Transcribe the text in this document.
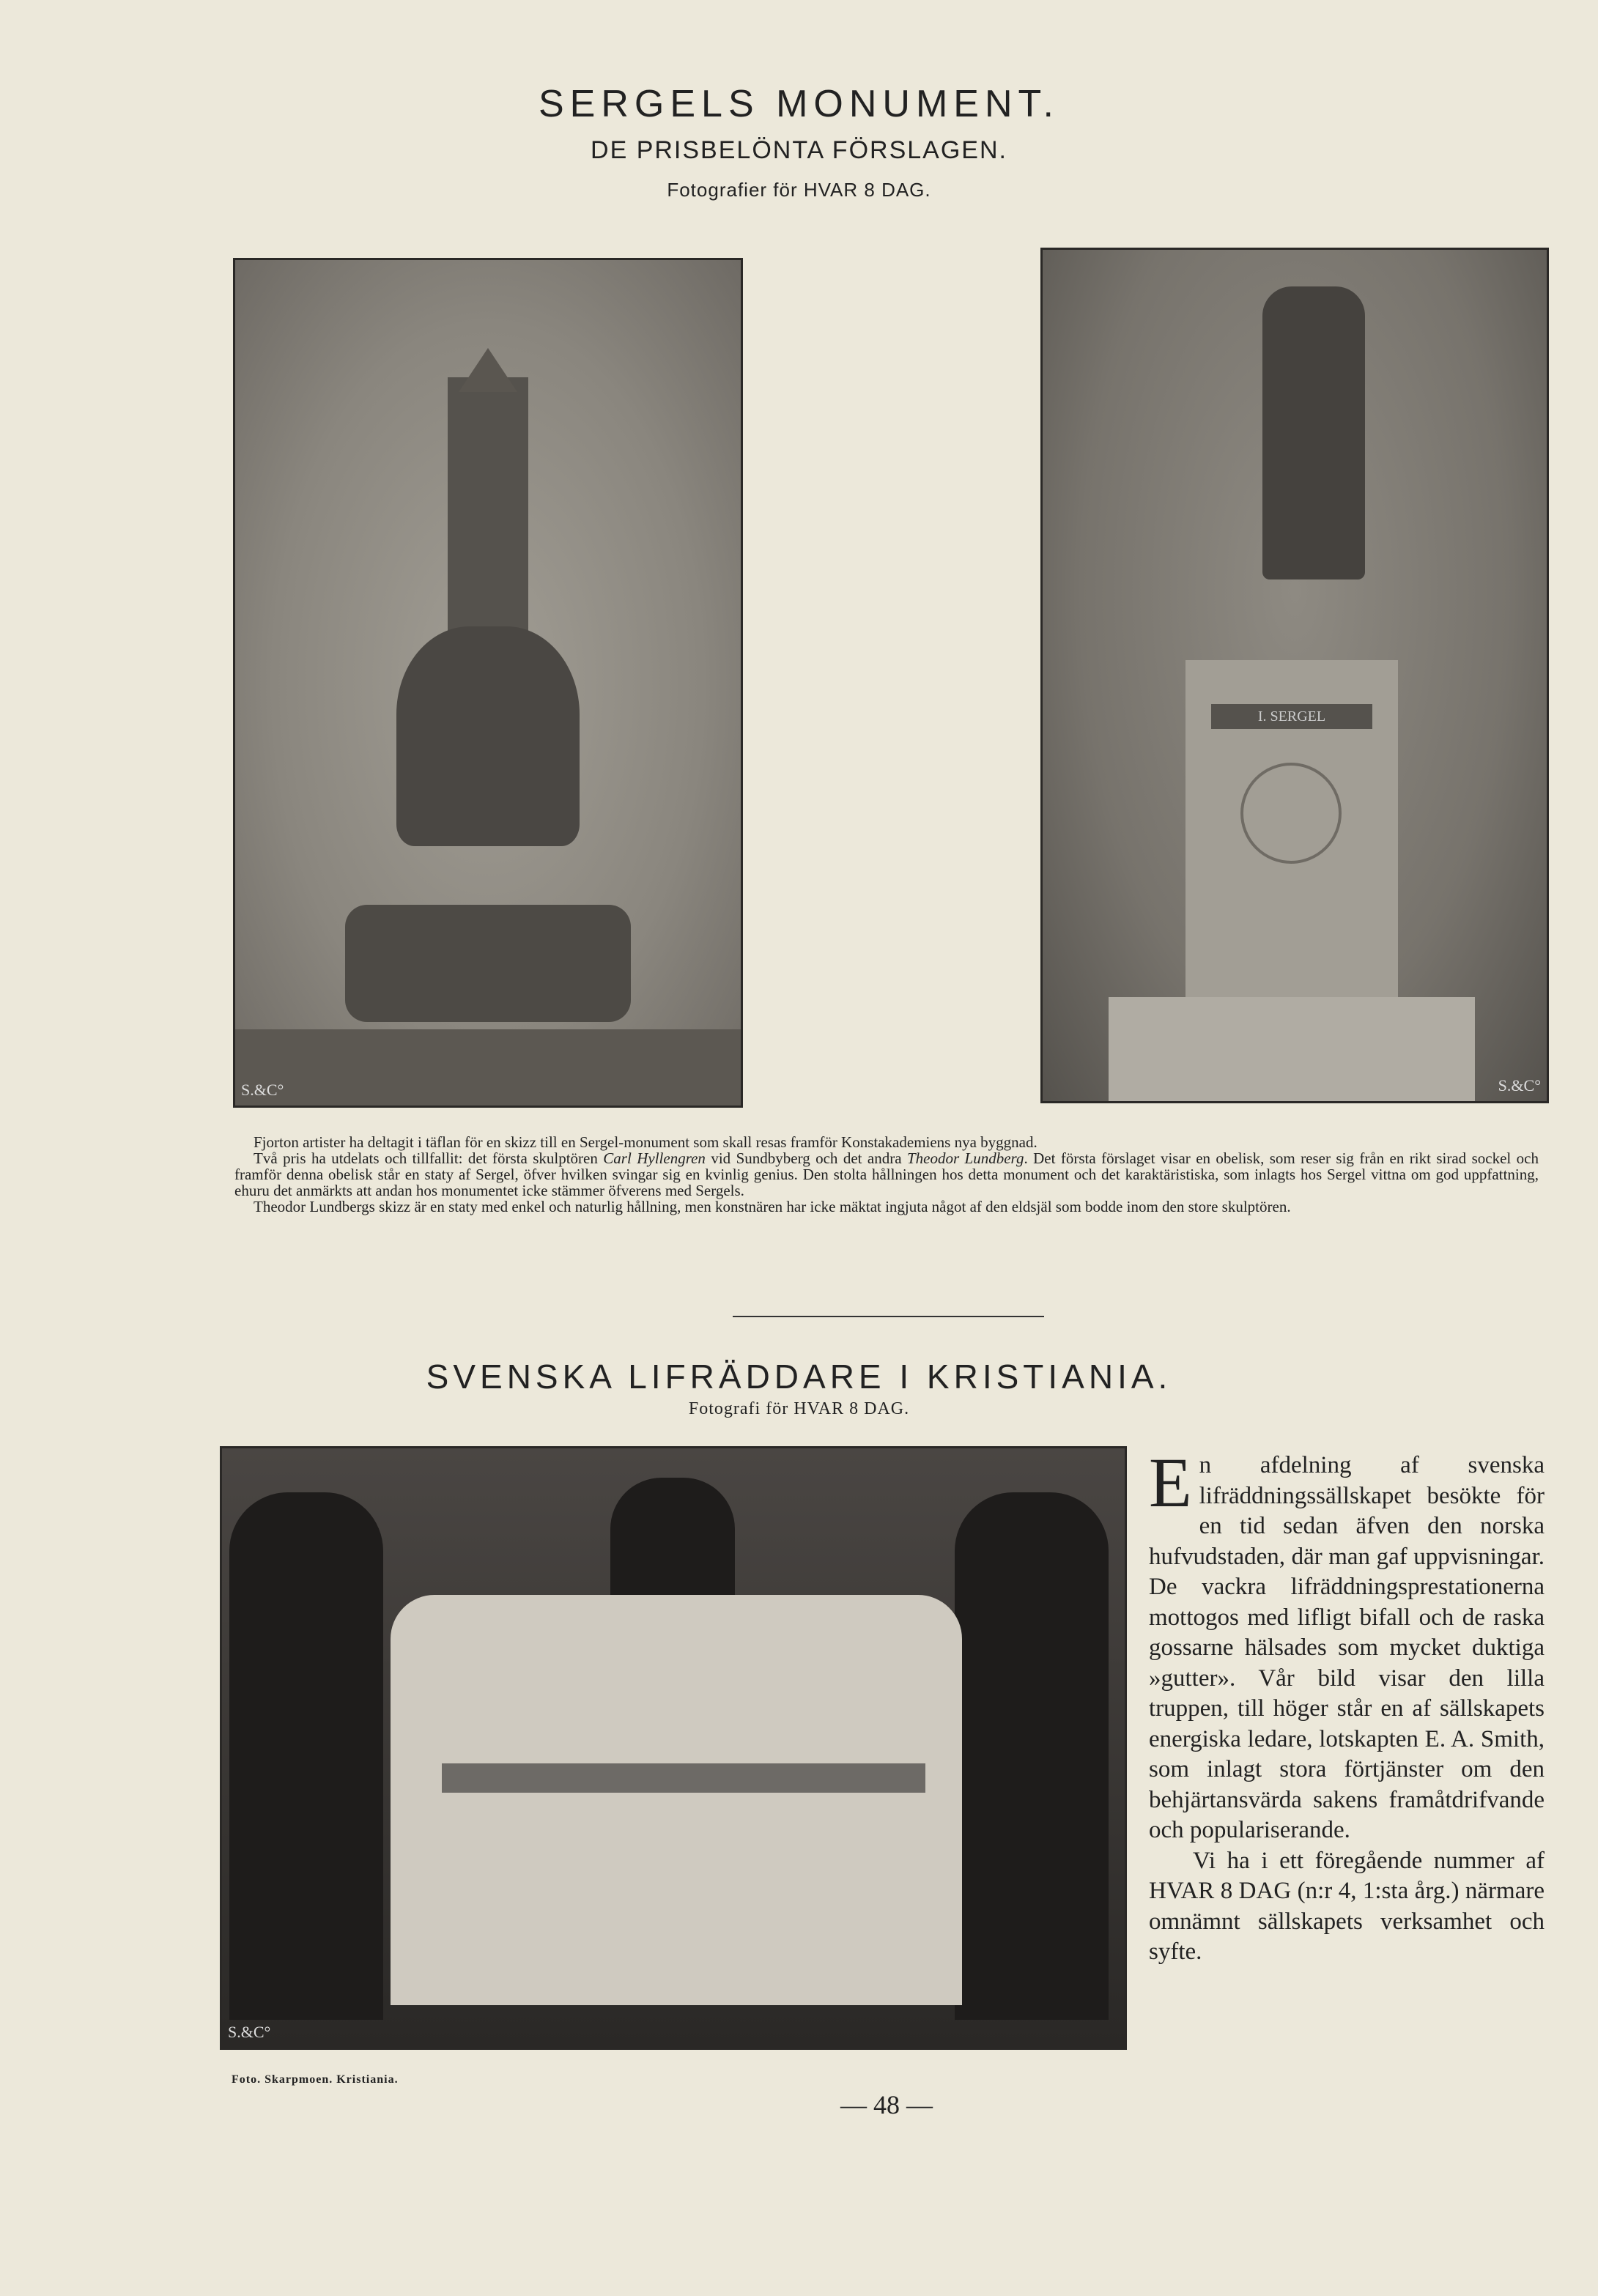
SERGELS MONUMENT.
DE PRISBELÖNTA FÖRSLAGEN.
Fotografier för HVAR 8 DAG.
S.&C°
I. SERGEL
S.&C°

Fjorton artister ha deltagit i täflan för en skizz till en Sergel-monument som skall resas framför Konstakademiens nya byggnad.

Två pris ha utdelats och tillfallit: det första skulptören Carl Hyllengren vid Sundbyberg och det andra Theodor Lundberg. Det första förslaget visar en obelisk, som reser sig från en rikt sirad sockel och framför denna obelisk står en staty af Sergel, öfver hvilken svingar sig en kvinlig genius. Den stolta hållningen hos detta monument och det karaktäristiska, som inlagts hos Sergel vittna om god uppfattning, ehuru det anmärkts att andan hos monumentet icke stämmer öfverens med Sergels.

Theodor Lundbergs skizz är en staty med enkel och naturlig hållning, men konstnären har icke mäktat ingjuta något af den eldsjäl som bodde inom den store skulptören.

SVENSKA LIFRÄDDARE I KRISTIANIA.
Fotografi för HVAR 8 DAG.
S.&C°

En afdelning af svenska lifräddningssällskapet besökte för en tid sedan äfven den norska hufvudstaden, där man gaf uppvisningar. De vackra lifräddningsprestationerna mottogos med lifligt bifall och de raska gossarne hälsades som mycket duktiga »gutter». Vår bild visar den lilla truppen, till höger står en af sällskapets energiska ledare, lotskapten E. A. Smith, som inlagt stora förtjänster om den behjärtansvärda sakens framåtdrifvande och populariserande.

Vi ha i ett föregående nummer af HVAR 8 DAG (n:r 4, 1:sta årg.) närmare omnämnt sällskapets verksamhet och syfte.

Foto. Skarpmoen. Kristiania.
— 48 —
